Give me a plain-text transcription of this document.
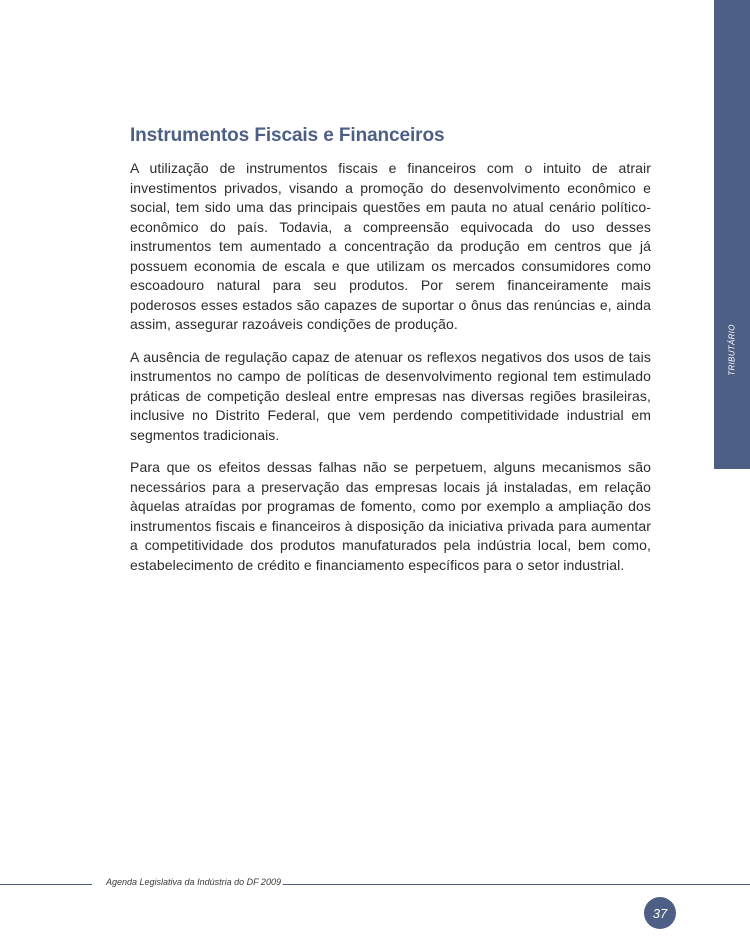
TRIBUTÁRIO
Instrumentos Fiscais e Financeiros

A utilização de instrumentos fiscais e financeiros com o intuito de atrair investimentos privados, visando a promoção do desenvolvimento econômico e social, tem sido uma das principais questões em pauta no atual cenário político-econômico do país. Todavia, a compreensão equivocada do uso desses instrumentos tem aumentado a concentração da produção em centros que já possuem economia de escala e que utilizam os mercados consumidores como escoadouro natural para seu produtos. Por serem financeiramente mais poderosos esses estados são capazes de suportar o ônus das renúncias e, ainda assim, assegurar razoáveis condições de produção.

A ausência de regulação capaz de atenuar os reflexos negativos dos usos de tais instrumentos no campo de políticas de desenvolvimento regional tem estimulado práticas de competição desleal entre empresas nas diversas regiões brasileiras, inclusive no Distrito Federal, que vem perdendo competitividade industrial em segmentos tradicionais.

Para que os efeitos dessas falhas não se perpetuem, alguns mecanismos são necessários para a preservação das empresas locais já instaladas, em relação àquelas atraídas por programas de fomento, como por exemplo a ampliação dos instrumentos fiscais e financeiros à disposição da iniciativa privada para aumentar a competitividade dos produtos manufaturados pela indústria local, bem como, estabelecimento de crédito e financiamento específicos para o setor industrial.

Agenda Legislativa da Indústria do DF 2009
37
